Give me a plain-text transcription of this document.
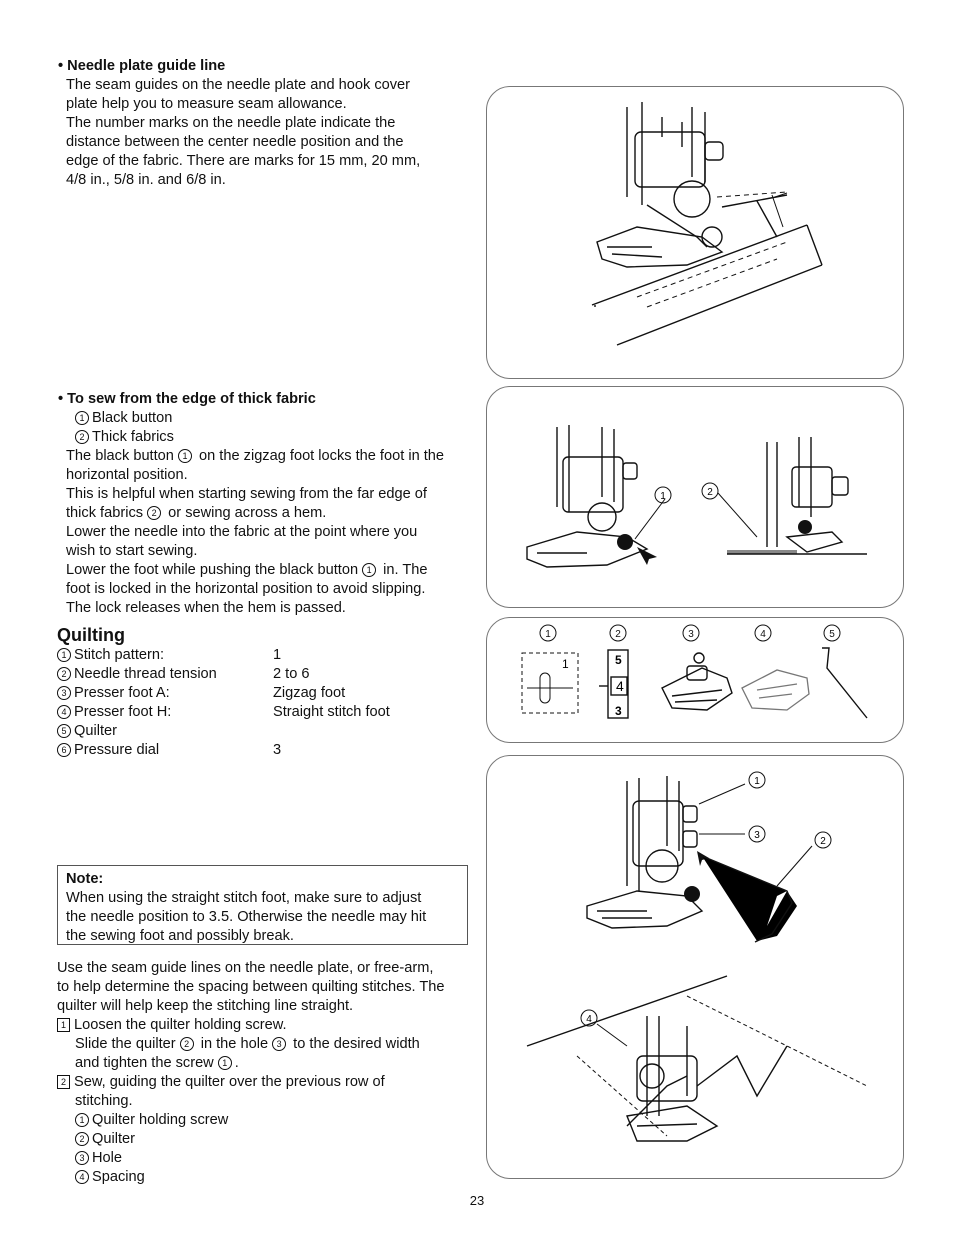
• Needle plate guide line

The seam guides on the needle plate and hook cover

plate help you to measure seam allowance.

The number marks on the needle plate indicate the

distance between the center needle position and the

edge of the fabric. There are marks for 15 mm, 20 mm,

4/8 in., 5/8 in. and 6/8 in.

• To sew from the edge of thick fabric

1 Black button

2 Thick fabrics

The black button 1 on the zigzag foot locks the foot in the

horizontal position.

This is helpful when starting sewing from the far edge of

thick fabrics 2 or sewing across a hem.

Lower the needle into the fabric at the point where you

wish to start sewing.

Lower the foot while pushing the black button 1 in. The

foot is locked in the horizontal position to avoid slipping.

The lock releases when the hem is passed.

Quilting

1 Stitch pattern:	1
2 Needle thread tension	2 to 6
3 Presser foot A:	Zigzag foot
4 Presser foot H:	Straight stitch foot
5 Quilter	
6 Pressure dial	3

Note:

When using the straight stitch foot, make sure to adjust

the needle position to 3.5. Otherwise the needle may hit

the sewing foot and possibly break.

Use the seam guide lines on the needle plate, or free-arm,

to help determine the spacing between quilting stitches. The

quilter will help keep the stitching line straight.

1 Loosen the quilter holding screw.

Slide the quilter 2 in the hole 3 to the desired width

and tighten the screw 1 .

2 Sew, guiding the quilter over the previous row of

stitching.

1 Quilter holding screw

2 Quilter

3 Hole

4 Spacing

1	2
1	2	3	4	5
1	5
4
3
1
3
2
4
23
